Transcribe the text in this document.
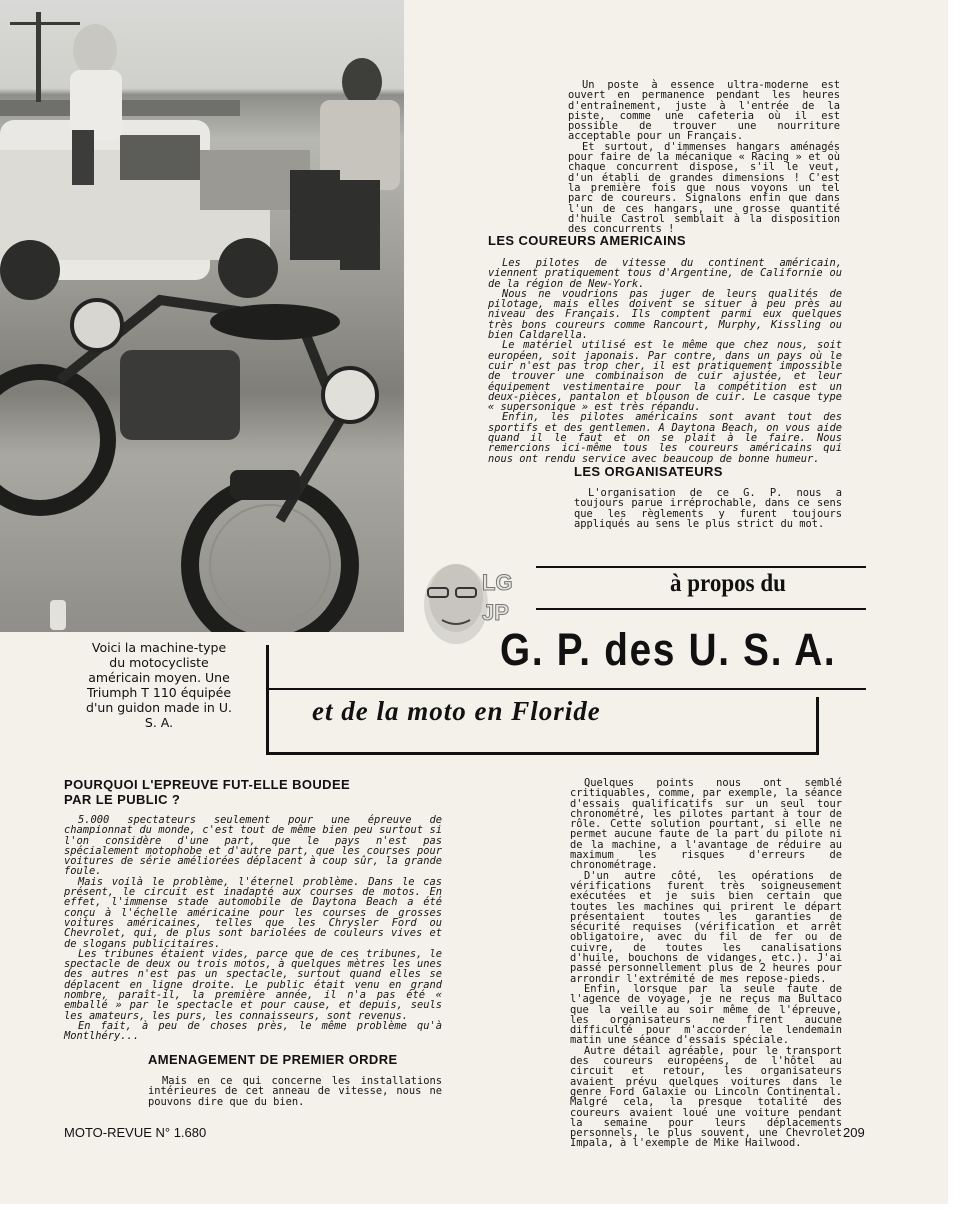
Voici la machine-type du motocycliste américain moyen. Une Triumph T 110 équipée d'un guidon made in U. S. A.

Un poste à essence ultra-moderne est ouvert en permanence pendant les heures d'entraînement, juste à l'entrée de la piste, comme une cafeteria où il est possible de trouver une nourriture acceptable pour un Français.

Et surtout, d'immenses hangars aménagés pour faire de la mécanique « Racing » et où chaque concurrent dispose, s'il le veut, d'un établi de grandes dimensions ! C'est la première fois que nous voyons un tel parc de coureurs. Signalons enfin que dans l'un de ces hangars, une grosse quantité d'huile Castrol semblait à la disposition des concurrents !

LES COUREURS AMERICAINS

Les pilotes de vitesse du continent américain, viennent pratiquement tous d'Argentine, de Californie ou de la région de New-York.

Nous ne voudrions pas juger de leurs qualités de pilotage, mais elles doivent se situer à peu près au niveau des Français. Ils comptent parmi eux quelques très bons coureurs comme Rancourt, Murphy, Kissling ou bien Caldarella.

Le matériel utilisé est le même que chez nous, soit européen, soit japonais. Par contre, dans un pays où le cuir n'est pas trop cher, il est pratiquement impossible de trouver une combinaison de cuir ajustée, et leur équipement vestimentaire pour la compétition est un deux-pièces, pantalon et blouson de cuir. Le casque type « supersonique » est très répandu.

Enfin, les pilotes américains sont avant tout des sportifs et des gentlemen. A Daytona Beach, on vous aide quand il le faut et on se plait à le faire. Nous remercions ici-même tous les coureurs américains qui nous ont rendu service avec beaucoup de bonne humeur.

LES ORGANISATEURS

L'organisation de ce G. P. nous a toujours parue irréprochable, dans ce sens que les règlements y furent toujours appliqués au sens le plus strict du mot.

LG
JP
à propos du
G. P. des U. S. A.
et de la moto en Floride
POURQUOI L'EPREUVE FUT-ELLE BOUDEE
PAR LE PUBLIC ?

5.000 spectateurs seulement pour une épreuve de championnat du monde, c'est tout de même bien peu surtout si l'on considère d'une part, que le pays n'est pas spécialement motophobe et d'autre part, que les courses pour voitures de série améliorées déplacent à coup sûr, la grande foule.

Mais voilà le problème, l'éternel problème. Dans le cas présent, le circuit est inadapté aux courses de motos. En effet, l'immense stade automobile de Daytona Beach a été conçu à l'échelle américaine pour les courses de grosses voitures américaines, telles que les Chrysler Ford ou Chevrolet, qui, de plus sont bariolées de couleurs vives et de slogans publicitaires.

Les tribunes étaient vides, parce que de ces tribunes, le spectacle de deux ou trois motos, à quelques mètres les unes des autres n'est pas un spectacle, surtout quand elles se déplacent en ligne droite. Le public était venu en grand nombre, paraît-il, la première année, il n'a pas été « emballé » par le spectacle et pour cause, et depuis, seuls les amateurs, les purs, les connaisseurs, sont revenus.

En fait, à peu de choses près, le même problème qu'à Montlhéry...

AMENAGEMENT DE PREMIER ORDRE

Mais en ce qui concerne les installations intérieures de cet anneau de vitesse, nous ne pouvons dire que du bien.

Quelques points nous ont semblé critiquables, comme, par exemple, la séance d'essais qualificatifs sur un seul tour chronométré, les pilotes partant à tour de rôle. Cette solution pourtant, si elle ne permet aucune faute de la part du pilote ni de la machine, a l'avantage de réduire au maximum les risques d'erreurs de chronométrage.

D'un autre côté, les opérations de vérifications furent très soigneusement exécutées et je suis bien certain que toutes les machines qui prirent le départ présentaient toutes les garanties de sécurité requises (vérification et arrêt obligatoire, avec du fil de fer ou de cuivre, de toutes les canalisations d'huile, bouchons de vidanges, etc.). J'ai passé personnellement plus de 2 heures pour arrondir l'extrémité de mes repose-pieds.

Enfin, lorsque par la seule faute de l'agence de voyage, je ne reçus ma Bultaco que la veille au soir même de l'épreuve, les organisateurs ne firent aucune difficulté pour m'accorder le lendemain matin une séance d'essais spéciale.

Autre détail agréable, pour le transport des coureurs européens, de l'hôtel au circuit et retour, les organisateurs avaient prévu quelques voitures dans le genre Ford Galaxie ou Lincoln Continental. Malgré cela, la presque totalité des coureurs avaient loué une voiture pendant la semaine pour leurs déplacements personnels, le plus souvent, une Chevrolet Impala, à l'exemple de Mike Hailwood.

MOTO-REVUE N° 1.680	209
